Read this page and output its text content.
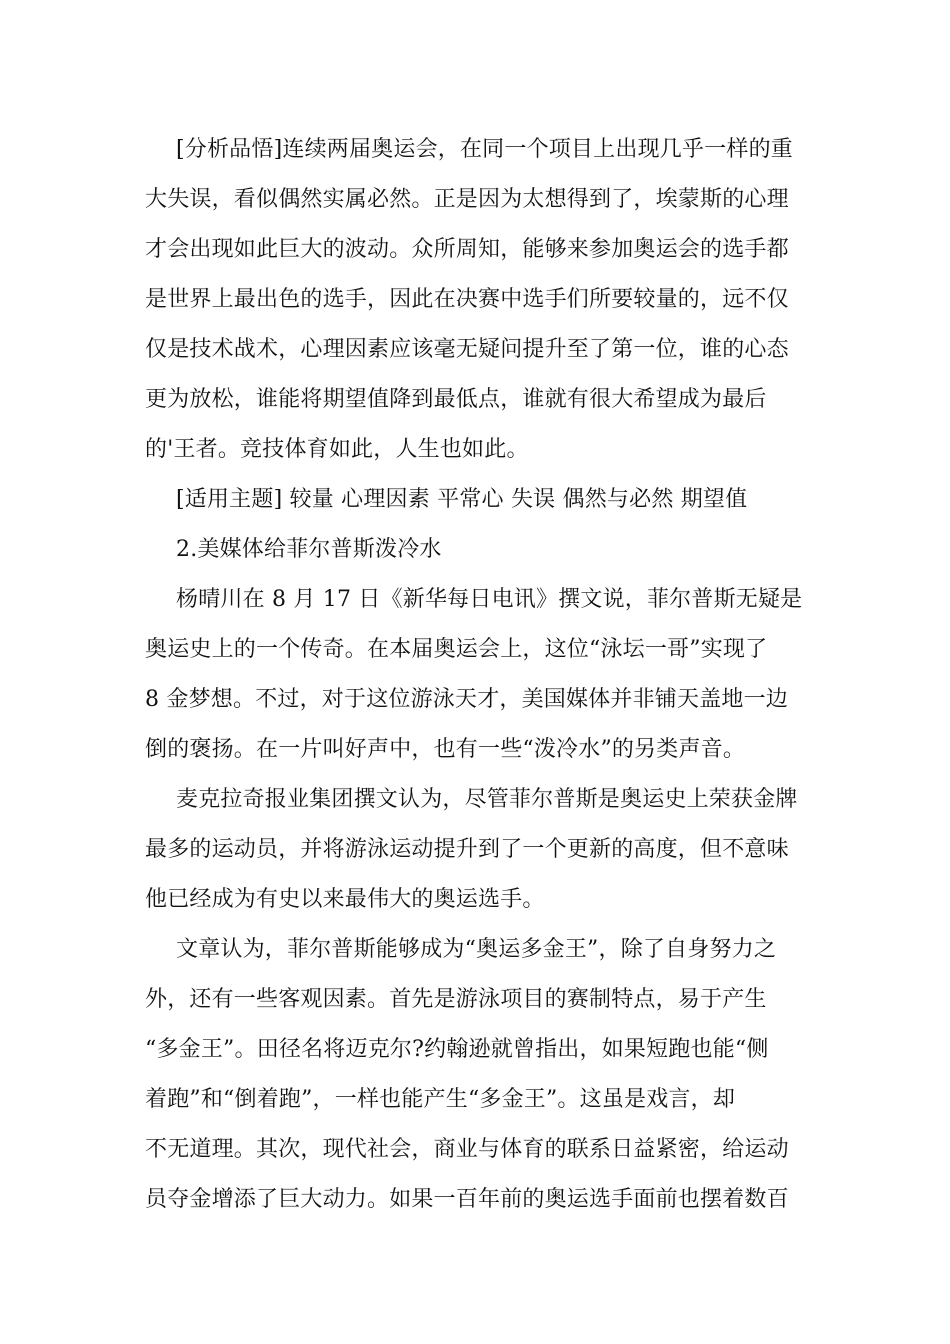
[分析品悟]连续两届奥运会，在同一个项目上出现几乎一样的重
大失误，看似偶然实属必然。正是因为太想得到了，埃蒙斯的心理
才会出现如此巨大的波动。众所周知，能够来参加奥运会的选手都
是世界上最出色的选手，因此在决赛中选手们所要较量的，远不仅
仅是技术战术，心理因素应该毫无疑问提升至了第一位，谁的心态
更为放松，谁能将期望值降到最低点，谁就有很大希望成为最后
的'王者。竞技体育如此，人生也如此。
[适用主题] 较量 心理因素 平常心 失误 偶然与必然 期望值
2.美媒体给菲尔普斯泼冷水
杨晴川在 8 月 17 日《新华每日电讯》撰文说，菲尔普斯无疑是
奥运史上的一个传奇。在本届奥运会上，这位“泳坛一哥”实现了
8 金梦想。不过，对于这位游泳天才，美国媒体并非铺天盖地一边
倒的褒扬。在一片叫好声中，也有一些“泼冷水”的另类声音。
麦克拉奇报业集团撰文认为，尽管菲尔普斯是奥运史上荣获金牌
最多的运动员，并将游泳运动提升到了一个更新的高度，但不意味
他已经成为有史以来最伟大的奥运选手。
文章认为，菲尔普斯能够成为“奥运多金王”，除了自身努力之
外，还有一些客观因素。首先是游泳项目的赛制特点，易于产生
“多金王”。田径名将迈克尔?约翰逊就曾指出，如果短跑也能“侧
着跑”和“倒着跑”，一样也能产生“多金王”。这虽是戏言，却
不无道理。其次，现代社会，商业与体育的联系日益紧密，给运动
员夺金增添了巨大动力。如果一百年前的奥运选手面前也摆着数百
